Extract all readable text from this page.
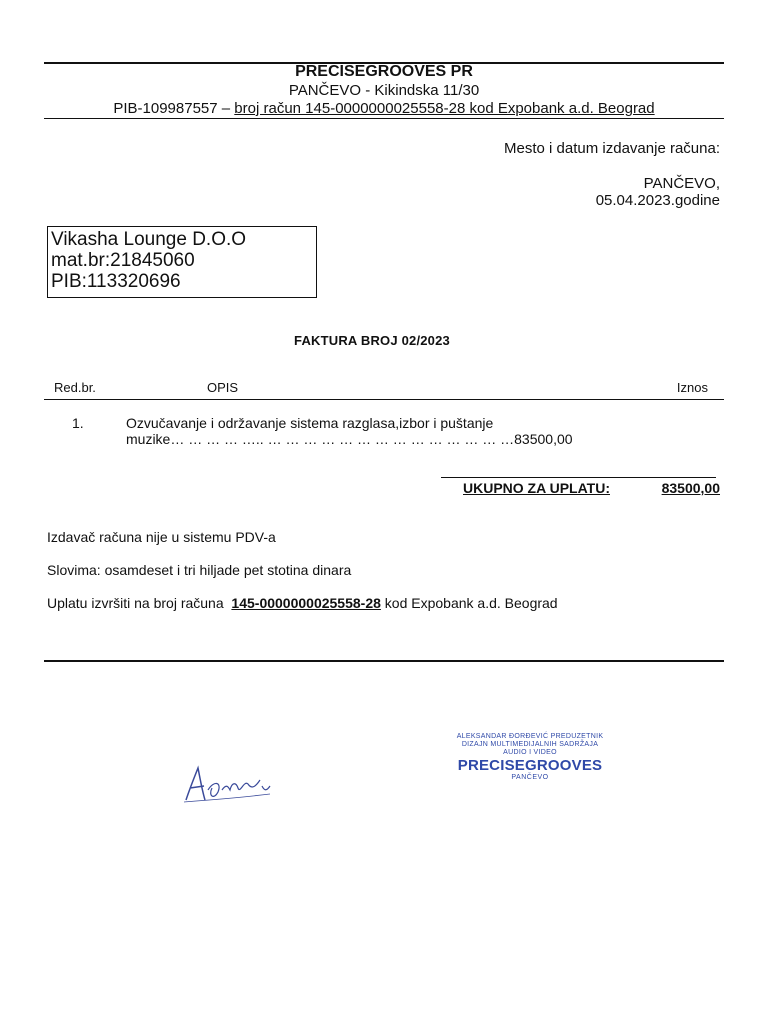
PRECISEGROOVES PR
PANČEVO - Kikindska 11/30
PIB-109987557 – broj račun 145-0000000025558-28 kod Expobank a.d. Beograd
Mesto i datum izdavanje računa:
PANČEVO,
05.04.2023.godine
Vikasha Lounge D.O.O
mat.br:21845060
PIB:113320696
FAKTURA BROJ 02/2023
Red.br.	OPIS	Iznos
1.	Ozvučavanje i održavanje sistema razglasa,izbor i puštanje
muzike… … … … ….. … … … … … … … … … … … … … …83500,00
UKUPNO ZA UPLATU:	83500,00
Izdavač računa nije u sistemu PDV-a
Slovima: osamdeset i tri hiljade pet stotina dinara
Uplatu izvršiti na broj računa 145-0000000025558-28 kod Expobank a.d. Beograd
ALEKSANDAR ĐORĐEVIĆ PREDUZETNIK
DIZAJN MULTIMEDIJALNIH SADRŽAJA
AUDIO I VIDEO
PRECISEGROOVES
PANČEVO
